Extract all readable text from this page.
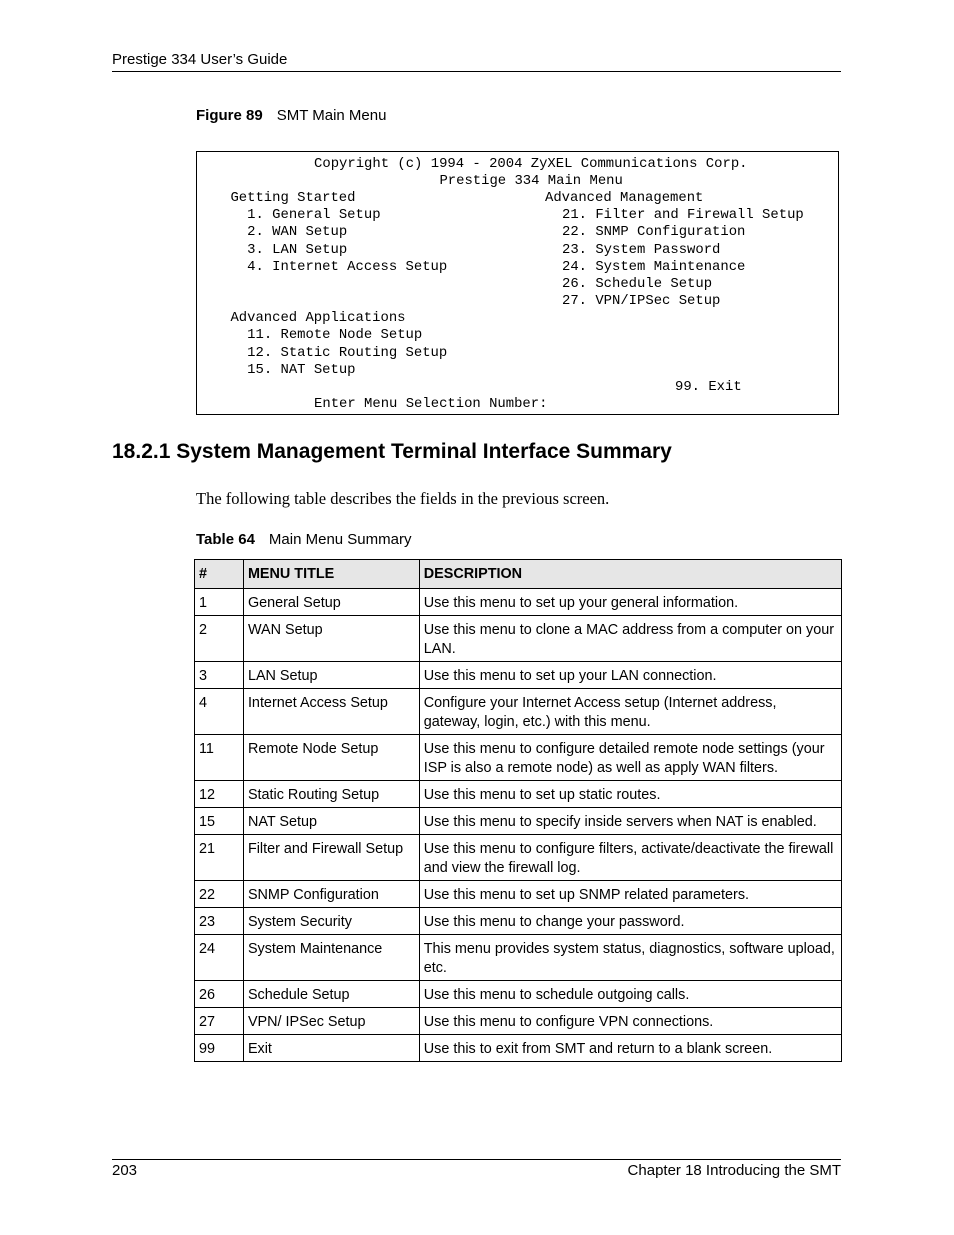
Prestige 334 User’s Guide
Figure 89 SMT Main Menu
Copyright (c) 1994 - 2004 ZyXEL Communications Corp.
Prestige 334 Main Menu
Getting Started
1. General Setup
2. WAN Setup
3. LAN Setup
4. Internet Access Setup
Advanced Applications
11. Remote Node Setup
12. Static Routing Setup
15. NAT Setup
Enter Menu Selection Number:
Advanced Management
21. Filter and Firewall Setup
22. SNMP Configuration
23. System Password
24. System Maintenance
26. Schedule Setup
27. VPN/IPSec Setup
99. Exit
18.2.1 System Management Terminal Interface Summary
The following table describes the fields in the previous screen.
Table 64 Main Menu Summary
#	MENU TITLE	DESCRIPTION
1	General Setup	Use this menu to set up your general information.
2	WAN Setup	Use this menu to clone a MAC address from a computer on your LAN.
3	LAN Setup	Use this menu to set up your LAN connection.
4	Internet Access Setup	Configure your Internet Access setup (Internet address, gateway, login, etc.) with this menu.
11	Remote Node Setup	Use this menu to configure detailed remote node settings (your ISP is also a remote node) as well as apply WAN filters.
12	Static Routing Setup	Use this menu to set up static routes.
15	NAT Setup	Use this menu to specify inside servers when NAT is enabled.
21	Filter and Firewall Setup	Use this menu to configure filters, activate/deactivate the firewall and view the firewall log.
22	SNMP Configuration	Use this menu to set up SNMP related parameters.
23	System Security	Use this menu to change your password.
24	System Maintenance	This menu provides system status, diagnostics, software upload, etc.
26	Schedule Setup	Use this menu to schedule outgoing calls.
27	VPN/ IPSec Setup	Use this menu to configure VPN connections.
99	Exit	Use this to exit from SMT and return to a blank screen.
203	Chapter 18 Introducing the SMT
